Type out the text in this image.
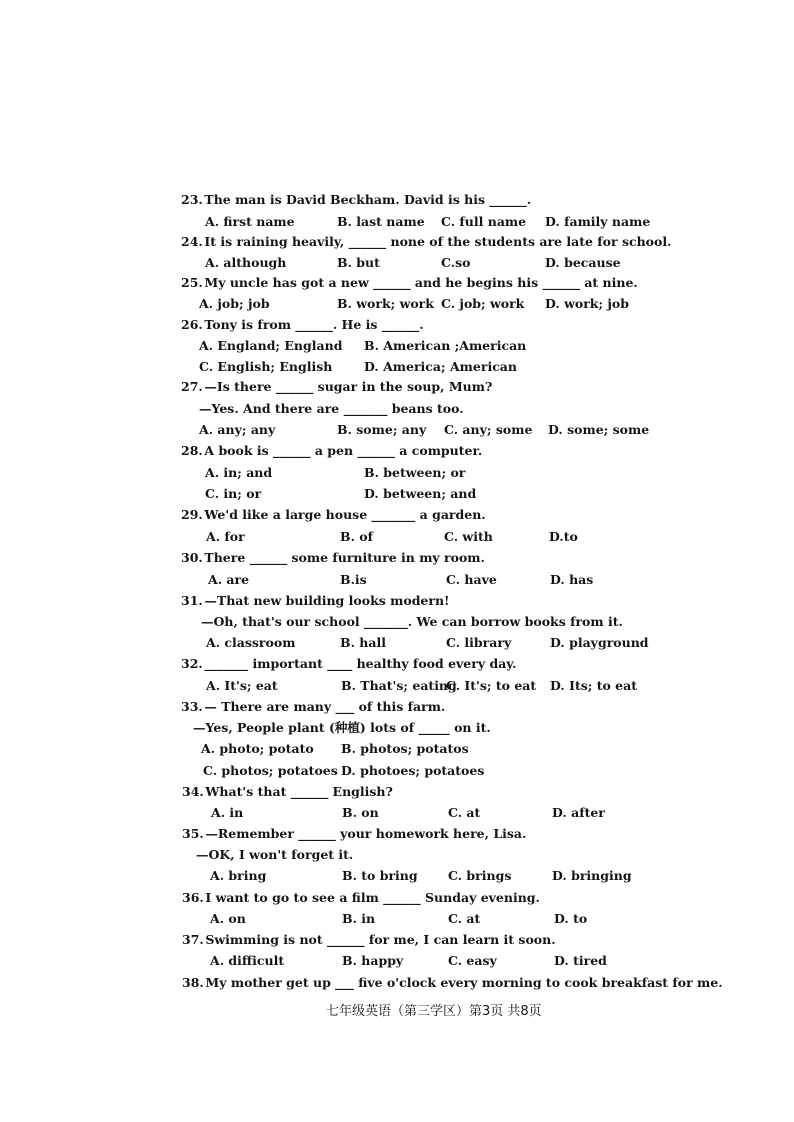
23. The man is David Beckham. David is his ______.
A. first name	B. last name C. full name D. family name
24. It is raining heavily, ______ none of the students are late for school.
A. although	B. but	C.so	D. because
25. My uncle has got a new ______ and he begins his ______ at nine.
A. job; job	B. work; work C. job; work D. work; job
26. Tony is from ______. He is ______.
A. England; England B. American ;American
C. English; English	D. America; American
27. —Is there ______ sugar in the soup, Mum?
—Yes. And there are _______ beans too.
A. any; any	B. some; any C. any; some D. some; some
28. A book is ______ a pen ______ a computer.
A. in; and	B. between; or
C. in; or	D. between; and
29. We'd like a large house _______ a garden.
A. for	B. of	C. with	D.to
30. There ______ some furniture in my room.
A. are	B.is	C. have	D. has
31. —That new building looks modern!
—Oh, that's our school _______. We can borrow books from it.
A. classroom	B. hall	C. library	D. playground
32. _______ important ____ healthy food every day.
A. It's; eat	B. That's; eating
C. It's; to eat D. Its; to eat
33. — There are many ___ of this farm.
—Yes, People plant (种植) lots of _____ on it.
A. photo; potato B. photos; potatos
C. photos; potatoes D. photoes; potatoes
34. What's that ______ English?
A. in	B. on	C. at	D. after
35. —Remember ______ your homework here, Lisa.
—OK, I won't forget it.
A. bring	B. to bring C. brings	D. bringing
36. I want to go to see a film ______ Sunday evening.
A. on	B. in	C. at	D. to
37. Swimming is not ______ for me, I can learn it soon.
A. difficult	B. happy	C. easy	D. tired
38. My mother get up ___ five o'clock every morning to cook breakfast for me.
七年级英语（第三学区）第3页 共8页
